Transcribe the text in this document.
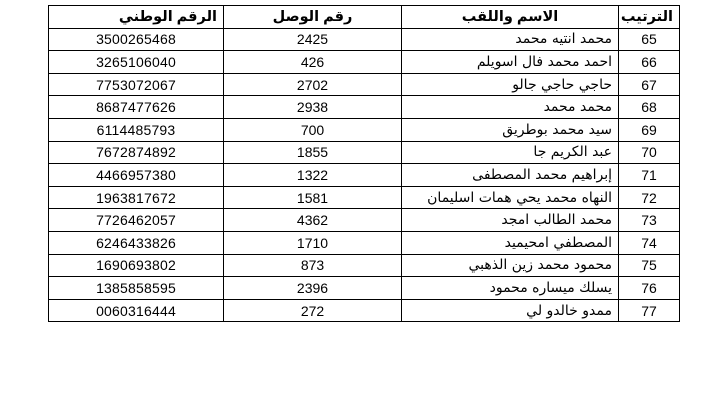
الترتيب	الاسم واللقب	رقم الوصل	الرقم الوطني
65	محمد انتيه محمد	2425	3500265468
66	احمد محمد فال اسويلم	426	3265106040
67	حاجي حاجي جالو	2702	7753072067
68	محمد محمد	2938	8687477626
69	سيد محمد بوطريق	700	6114485793
70	عبد الكريم جا	1855	7672874892
71	إبراهيم محمد المصطفى	1322	4466957380
72	النهاه محمد يحي همات اسليمان	1581	1963817672
73	محمد الطالب امجد	4362	7726462057
74	المصطفي امحيميد	1710	6246433826
75	محمود محمد زين الذهبي	873	1690693802
76	يسلك ميساره محمود	2396	1385858595
77	ممدو خالدو لي	272	0060316444
